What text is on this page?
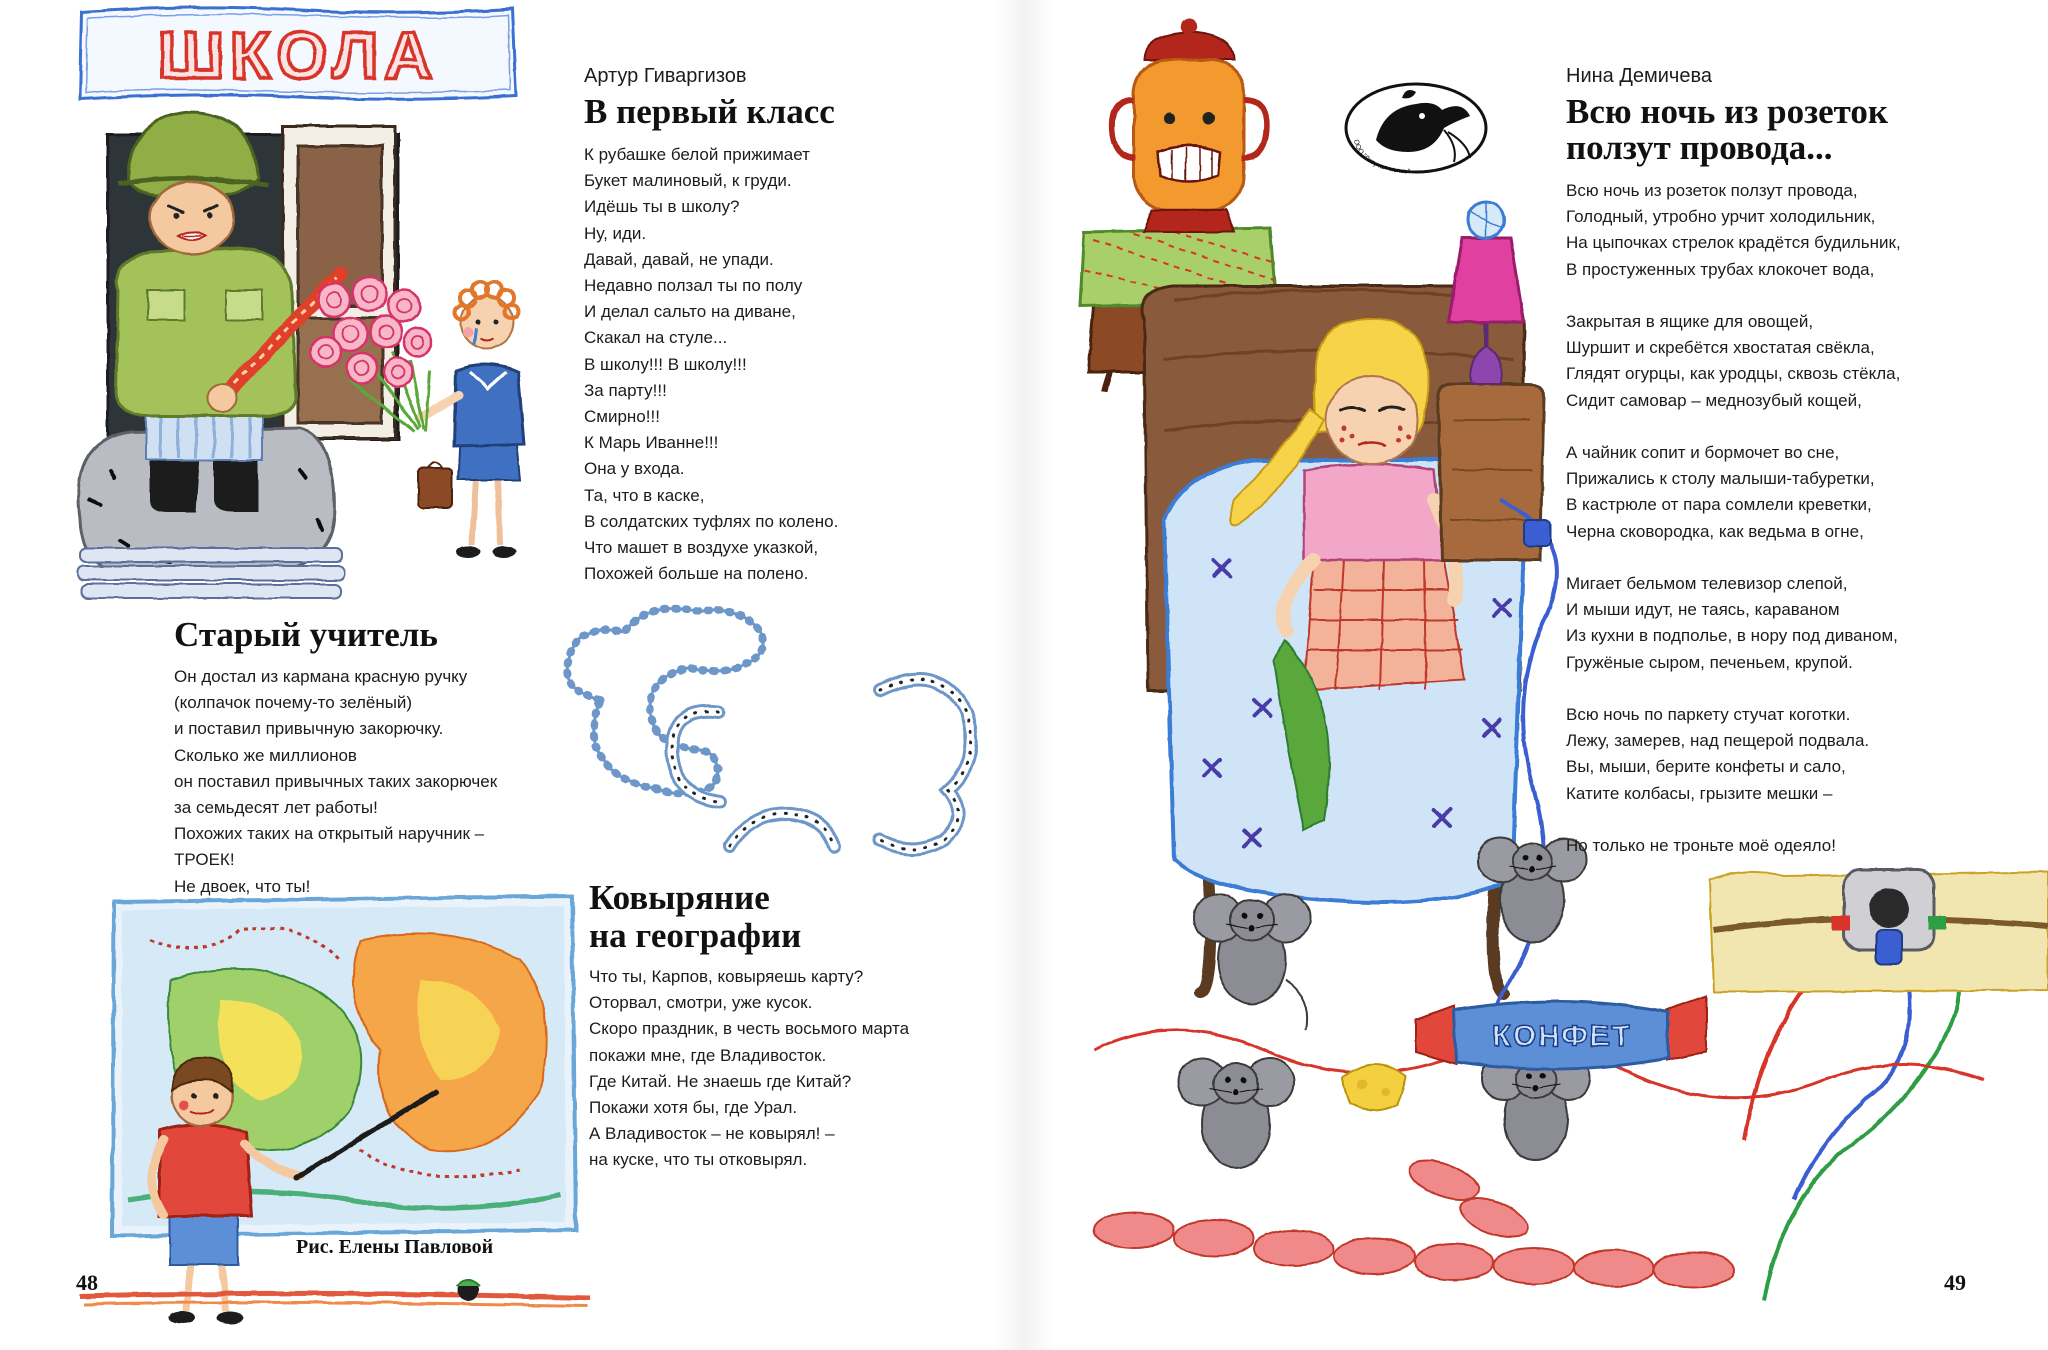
ШКОЛА	Артур Гиваргизов
В первый класс
К рубашке белой прижимает
Букет малиновый, к груди.
Идёшь ты в школу?
Ну, иди.
Давай, давай, не упади.
Недавно ползал ты по полу
И делал сальто на диване,
Скакал на стуле...
В школу!!! В школу!!!
За парту!!!
Смирно!!!
К Марь Иванне!!!
Она у входа.
Та, что в каске,
В солдатских туфлях по колено.
Что машет в воздухе указкой,
Похожей больше на полено.
Старый учитель
Он достал из кармана красную ручку
(колпачок почему-то зелёный)
и поставил привычную закорючку.
Сколько же миллионов
он поставил привычных таких закорючек
за семьдесят лет работы!
Похожих таких на открытый наручник –
ТРОЕК!
Не двоек, что ты!	Ковыряние
на географии
Что ты, Карпов, ковыряешь карту?
Оторвал, смотри, уже кусок.
Скоро праздник, в честь восьмого марта
покажи мне, где Владивосток.
Где Китай. Не знаешь где Китай?
Покажи хотя бы, где Урал.
А Владивосток – не ковырял! –
на куске, что ты отковырял.
Рис. Елены Павловой
48
ООО "Летучая мышь"
КОНФЕТ
Нина Демичева
Всю ночь из розеток
ползут провода...
Всю ночь из розеток ползут провода,
Голодный, утробно урчит холодильник,
На цыпочках стрелок крадётся будильник,
В простуженных трубах клокочет вода,
Закрытая в ящике для овощей,
Шуршит и скребётся хвостатая свёкла,
Глядят огурцы, как уродцы, сквозь стёкла,
Сидит самовар – меднозубый кощей,
А чайник сопит и бормочет во сне,
Прижались к столу малыши-табуретки,
В кастрюле от пара сомлели креветки,
Черна сковородка, как ведьма в огне,
Мигает бельмом телевизор слепой,
И мыши идут, не таясь, караваном
Из кухни в подполье, в нору под диваном,
Гружёные сыром, печеньем, крупой.
Всю ночь по паркету стучат коготки.
Лежу, замерев, над пещерой подвала.
Вы, мыши, берите конфеты и сало,
Катите колбасы, грызите мешки –
Но только не троньте моё одеяло!
49
